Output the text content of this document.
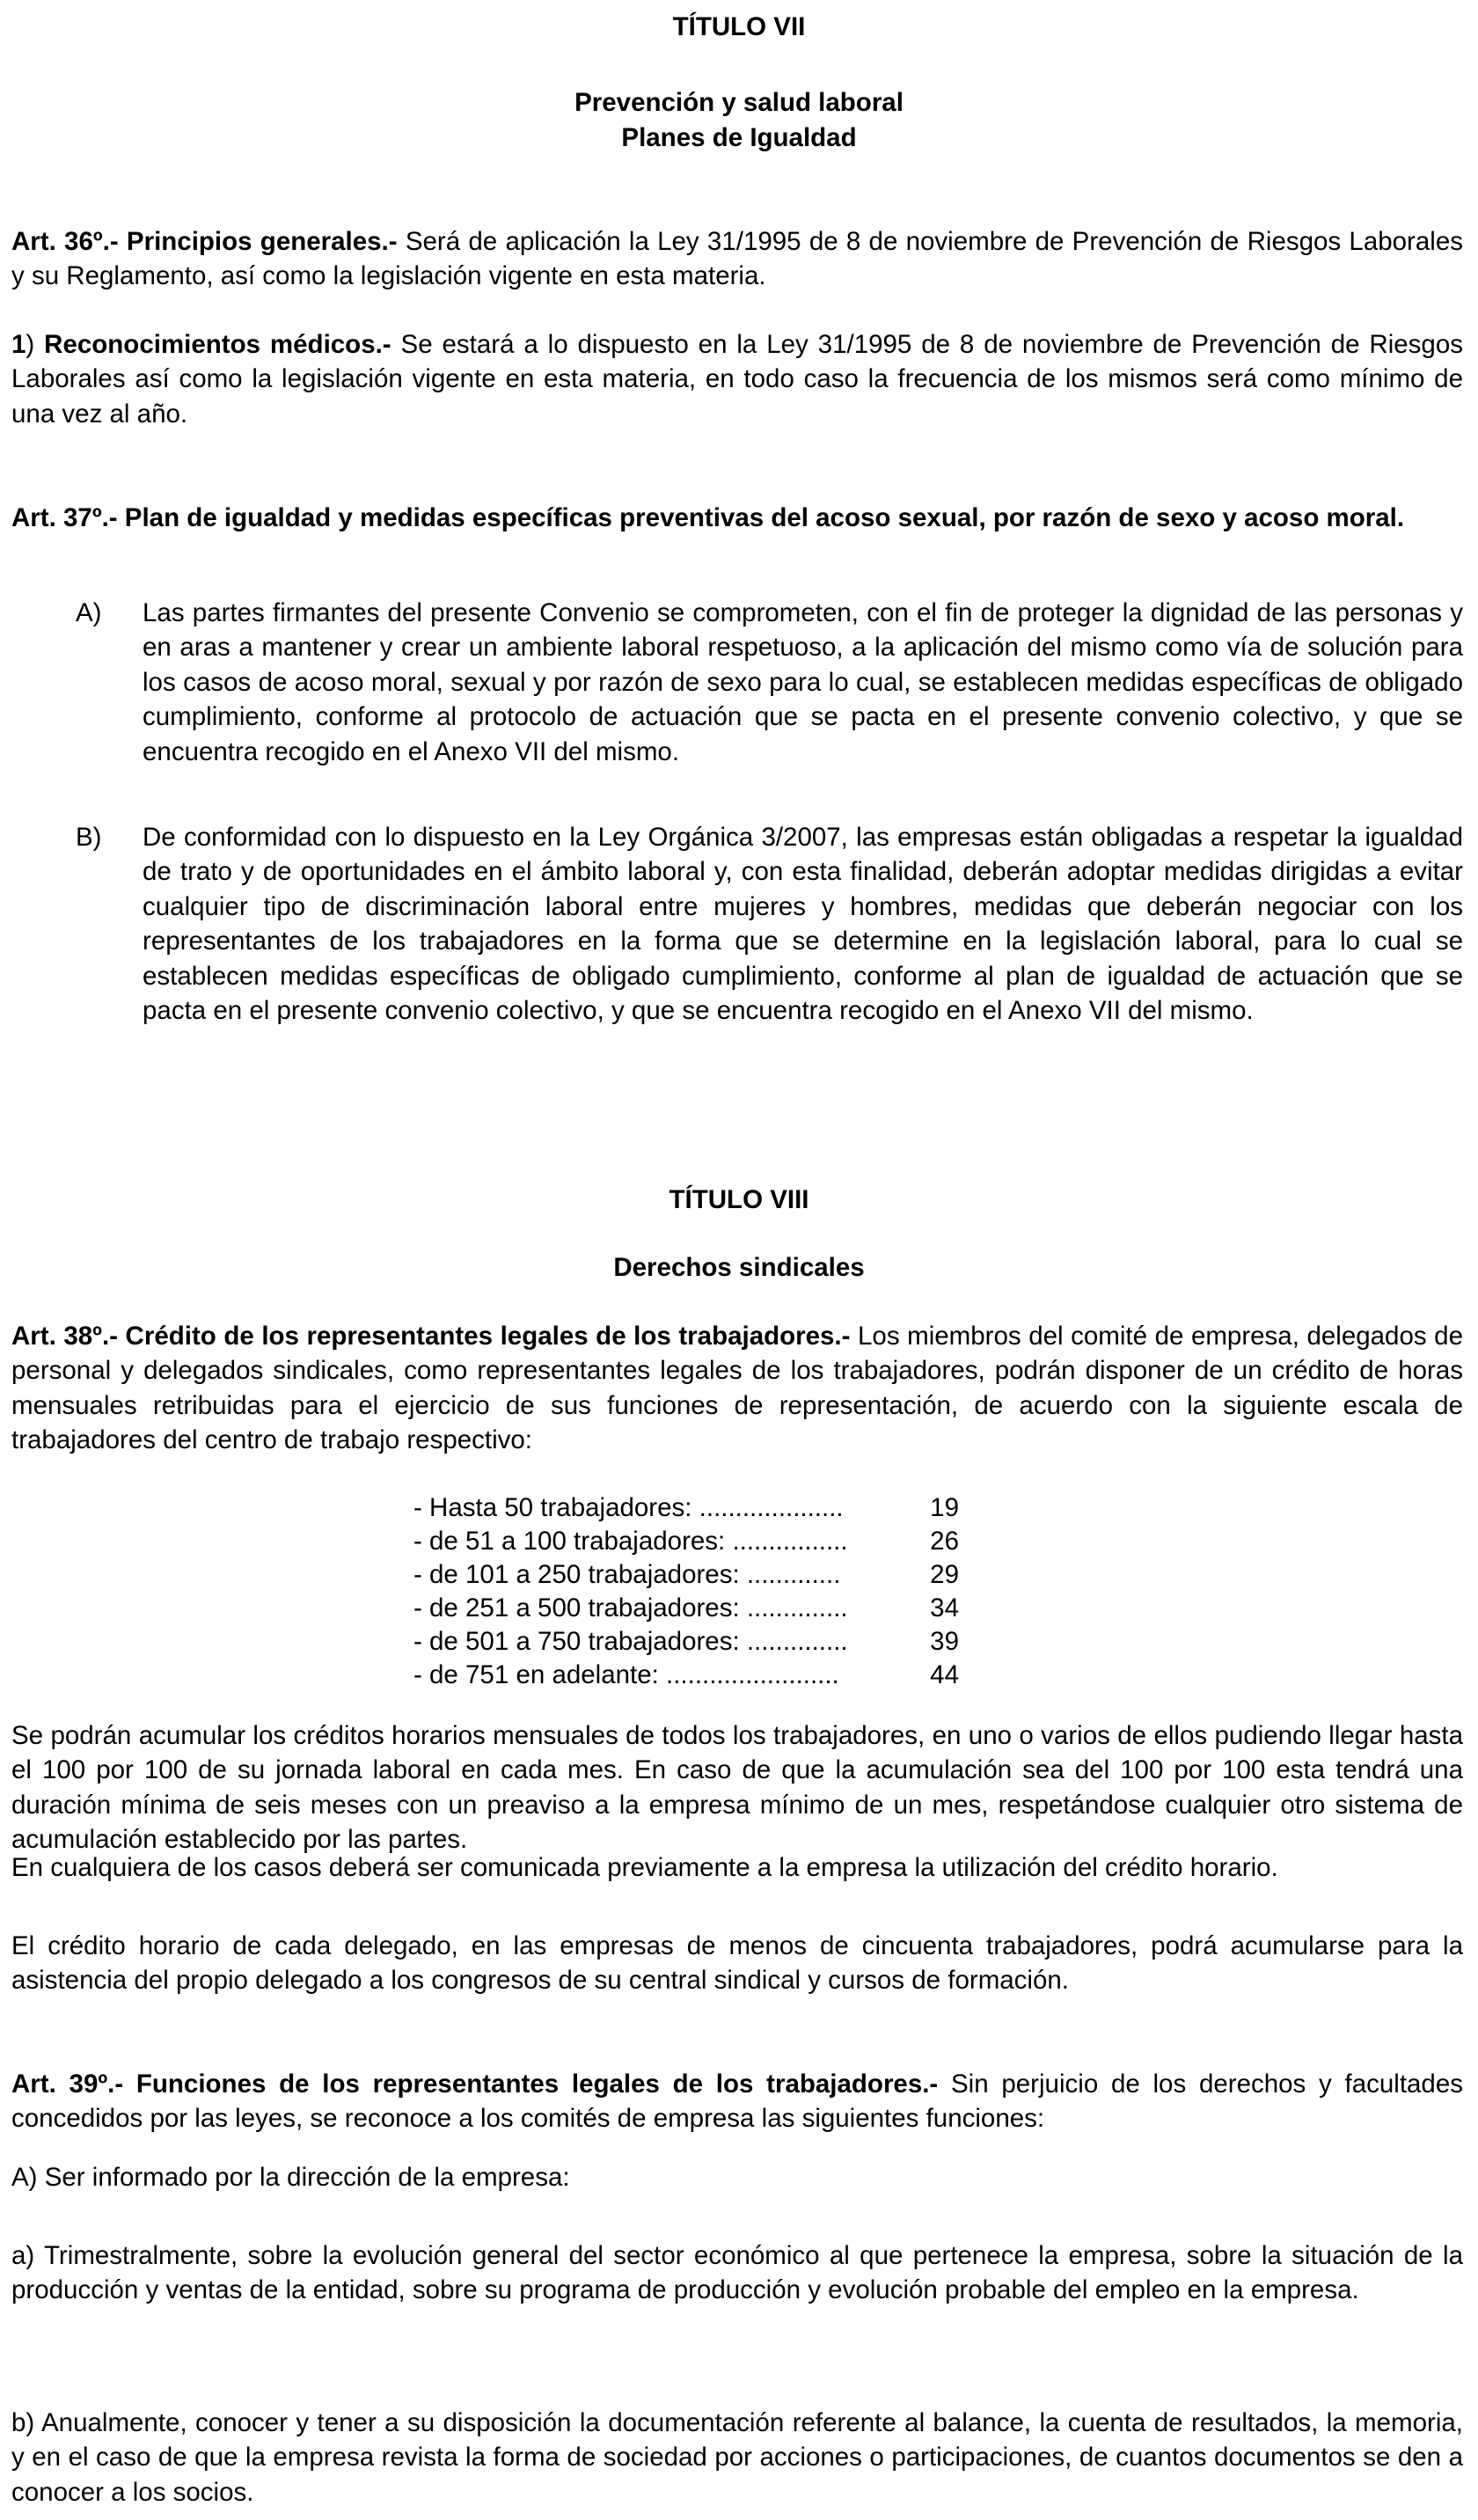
TÍTULO VII
Prevención y salud laboral
Planes de Igualdad
Art. 36º.- Principios generales.- Será de aplicación la Ley 31/1995 de 8 de noviembre de Prevención de Riesgos Laborales y su Reglamento, así como la legislación vigente en esta materia.
1) Reconocimientos médicos.- Se estará a lo dispuesto en la Ley 31/1995 de 8 de noviembre de Prevención de Riesgos Laborales así como la legislación vigente en esta materia, en todo caso la frecuencia de los mismos será como mínimo de una vez al año.
Art. 37º.- Plan de igualdad y medidas específicas preventivas del acoso sexual, por razón de sexo y acoso moral.
A) Las partes firmantes del presente Convenio se comprometen, con el fin de proteger la dignidad de las personas y en aras a mantener y crear un ambiente laboral respetuoso, a la aplicación del mismo como vía de solución para los casos de acoso moral, sexual y por razón de sexo para lo cual, se establecen medidas específicas de obligado cumplimiento, conforme al protocolo de actuación que se pacta en el presente convenio colectivo, y que se encuentra recogido en el Anexo VII del mismo.
B) De conformidad con lo dispuesto en la Ley Orgánica 3/2007, las empresas están obligadas a respetar la igualdad de trato y de oportunidades en el ámbito laboral y, con esta finalidad, deberán adoptar medidas dirigidas a evitar cualquier tipo de discriminación laboral entre mujeres y hombres, medidas que deberán negociar con los representantes de los trabajadores en la forma que se determine en la legislación laboral, para lo cual se establecen medidas específicas de obligado cumplimiento, conforme al plan de igualdad de actuación que se pacta en el presente convenio colectivo, y que se encuentra recogido en el Anexo VII del mismo.
TÍTULO VIII
Derechos sindicales
Art. 38º.- Crédito de los representantes legales de los trabajadores.- Los miembros del comité de empresa, delegados de personal y delegados sindicales, como representantes legales de los trabajadores, podrán disponer de un crédito de horas mensuales retribuidas para el ejercicio de sus funciones de representación, de acuerdo con la siguiente escala de trabajadores del centro de trabajo respectivo:
- Hasta 50 trabajadores: ....................	19
- de 51 a 100 trabajadores: ................	26
- de 101 a 250 trabajadores: .............	29
- de 251 a 500 trabajadores: ..............	34
- de 501 a 750 trabajadores: ..............	39
- de 751 en adelante: ........................	44
Se podrán acumular los créditos horarios mensuales de todos los trabajadores, en uno o varios de ellos pudiendo llegar hasta el 100 por 100 de su jornada laboral en cada mes. En caso de que la acumulación sea del 100 por 100 esta tendrá una duración mínima de seis meses con un preaviso a la empresa mínimo de un mes, respetándose cualquier otro sistema de acumulación establecido por las partes.
En cualquiera de los casos deberá ser comunicada previamente a la empresa la utilización del crédito horario.
El crédito horario de cada delegado, en las empresas de menos de cincuenta trabajadores, podrá acumularse para la asistencia del propio delegado a los congresos de su central sindical y cursos de formación.
Art. 39º.- Funciones de los representantes legales de los trabajadores.- Sin perjuicio de los derechos y facultades concedidos por las leyes, se reconoce a los comités de empresa las siguientes funciones:
A) Ser informado por la dirección de la empresa:
a) Trimestralmente, sobre la evolución general del sector económico al que pertenece la empresa, sobre la situación de la producción y ventas de la entidad, sobre su programa de producción y evolución probable del empleo en la empresa.
b) Anualmente, conocer y tener a su disposición la documentación referente al balance, la cuenta de resultados, la memoria, y en el caso de que la empresa revista la forma de sociedad por acciones o participaciones, de cuantos documentos se den a conocer a los socios.
